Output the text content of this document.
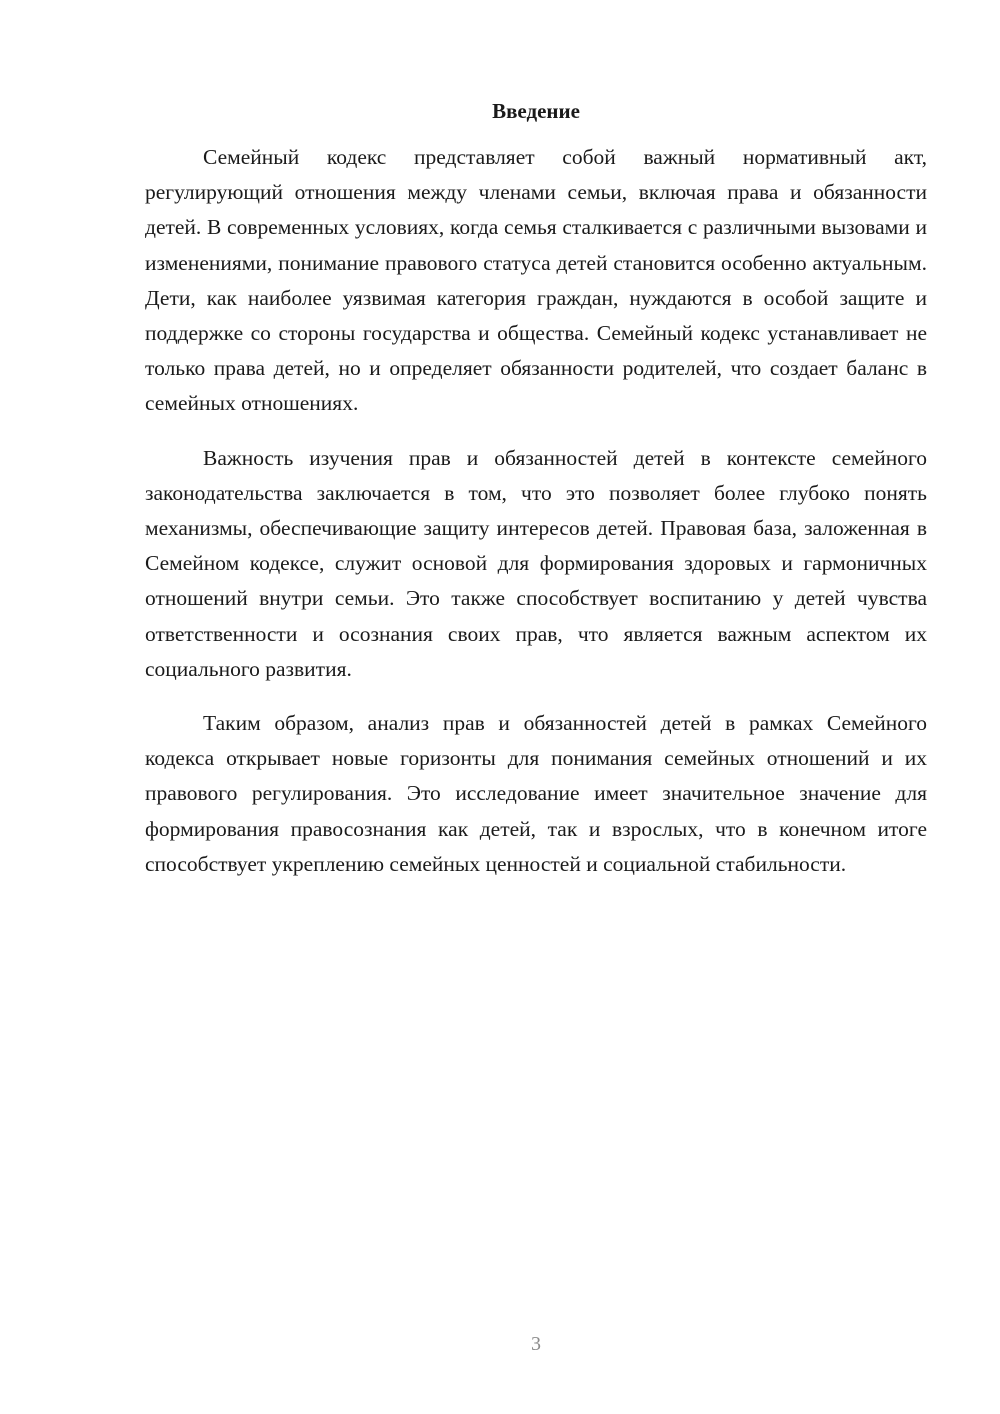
Введение

Семейный кодекс представляет собой важный нормативный акт, регулирующий отношения между членами семьи, включая права и обязанности детей. В современных условиях, когда семья сталкивается с различными вызовами и изменениями, понимание правового статуса детей становится особенно актуальным. Дети, как наиболее уязвимая категория граждан, нуждаются в особой защите и поддержке со стороны государства и общества. Семейный кодекс устанавливает не только права детей, но и определяет обязанности родителей, что создает баланс в семейных отношениях.

Важность изучения прав и обязанностей детей в контексте семейного законодательства заключается в том, что это позволяет более глубоко понять механизмы, обеспечивающие защиту интересов детей. Правовая база, заложенная в Семейном кодексе, служит основой для формирования здоровых и гармоничных отношений внутри семьи. Это также способствует воспитанию у детей чувства ответственности и осознания своих прав, что является важным аспектом их социального развития.

Таким образом, анализ прав и обязанностей детей в рамках Семейного кодекса открывает новые горизонты для понимания семейных отношений и их правового регулирования. Это исследование имеет значительное значение для формирования правосознания как детей, так и взрослых, что в конечном итоге способствует укреплению семейных ценностей и социальной стабильности.

3
